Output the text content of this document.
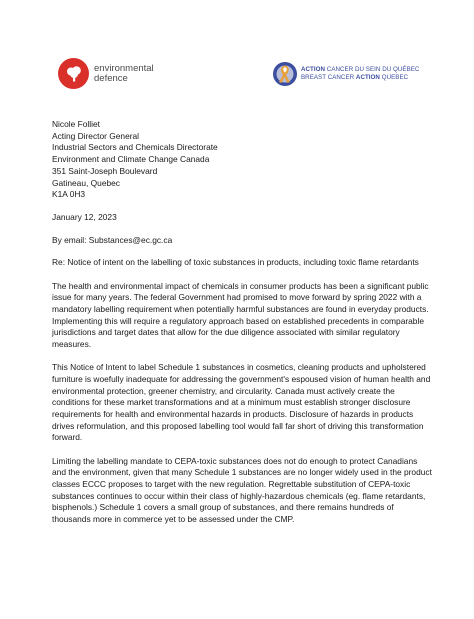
environmental
defence
ACTION CANCER DU SEIN DU QUÉBEC
BREAST CANCER ACTION QUEBEC
Nicole Folliet
Acting Director General
Industrial Sectors and Chemicals Directorate
Environment and Climate Change Canada
351 Saint-Joseph Boulevard
Gatineau, Quebec
K1A 0H3
January 12, 2023
By email: Substances@ec.gc.ca
Re: Notice of intent on the labelling of toxic substances in products, including toxic flame retardants
The health and environmental impact of chemicals in consumer products has been a significant public issue for many years. The federal Government had promised to move forward by spring 2022 with a mandatory labelling requirement when potentially harmful substances are found in everyday products. Implementing this will require a regulatory approach based on established precedents in comparable jurisdictions and target dates that allow for the due diligence associated with similar regulatory measures.
This Notice of Intent to label Schedule 1 substances in cosmetics, cleaning products and upholstered furniture is woefully inadequate for addressing the government's espoused vision of human health and environmental protection, greener chemistry, and circularity. Canada must actively create the conditions for these market transformations and at a minimum must establish stronger disclosure requirements for health and environmental hazards in products. Disclosure of hazards in products drives reformulation, and this proposed labelling tool would fall far short of driving this transformation forward.
Limiting the labelling mandate to CEPA-toxic substances does not do enough to protect Canadians and the environment, given that many Schedule 1 substances are no longer widely used in the product classes ECCC proposes to target with the new regulation. Regrettable substitution of CEPA-toxic substances continues to occur within their class of highly-hazardous chemicals (eg. flame retardants, bisphenols.) Schedule 1 covers a small group of substances, and there remains hundreds of thousands more in commerce yet to be assessed under the CMP.
